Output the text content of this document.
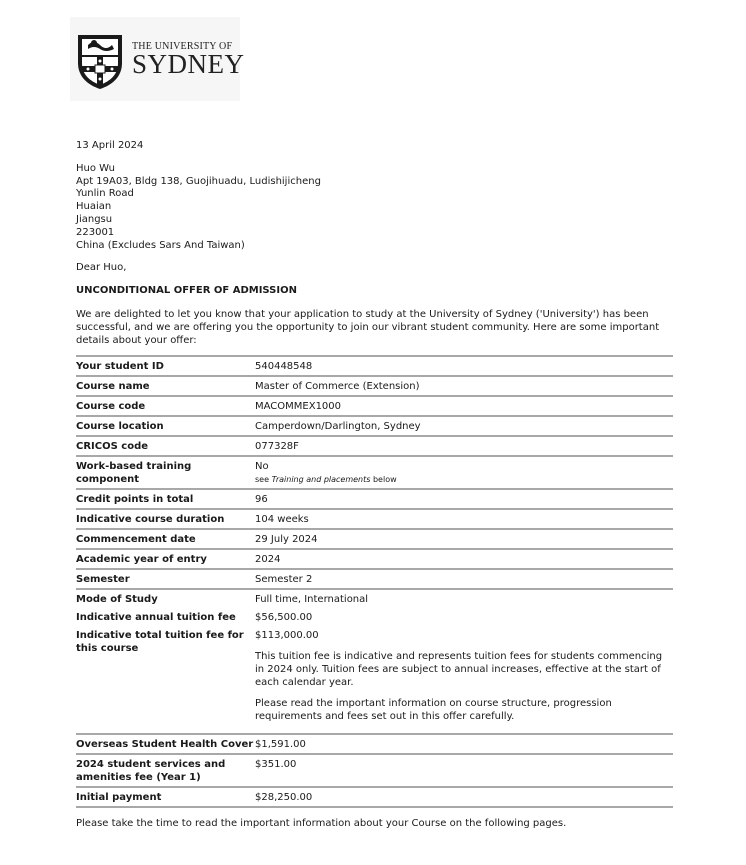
THE UNIVERSITY OF
SYDNEY
13 April 2024
Huo Wu
Apt 19A03, Bldg 138, Guojihuadu, Ludishijicheng
Yunlin Road
Huaian
Jiangsu
223001
China (Excludes Sars And Taiwan)
Dear Huo,
UNCONDITIONAL OFFER OF ADMISSION
We are delighted to let you know that your application to study at the University of Sydney ('University') has been successful, and we are offering you the opportunity to join our vibrant student community. Here are some important details about your offer:
Your student ID	540448548
Course name	Master of Commerce (Extension)
Course code	MACOMMEX1000
Course location	Camperdown/Darlington, Sydney
CRICOS code	077328F
Work-based training component	No
see Training and placements below

Credit points in total	96
Indicative course duration	104 weeks
Commencement date	29 July 2024
Academic year of entry	2024
Semester	Semester 2
Mode of Study	Full time, International
Indicative annual tuition fee	$56,500.00
Indicative total tuition fee for this course	$113,000.00
This tuition fee is indicative and represents tuition fees for students commencing in 2024 only. Tuition fees are subject to annual increases, effective at the start of each calendar year.
Please read the important information on course structure, progression requirements and fees set out in this offer carefully.

Overseas Student Health Cover	$1,591.00
2024 student services and amenities fee (Year 1)	$351.00
Initial payment	$28,250.00
Please take the time to read the important information about your Course on the following pages.
